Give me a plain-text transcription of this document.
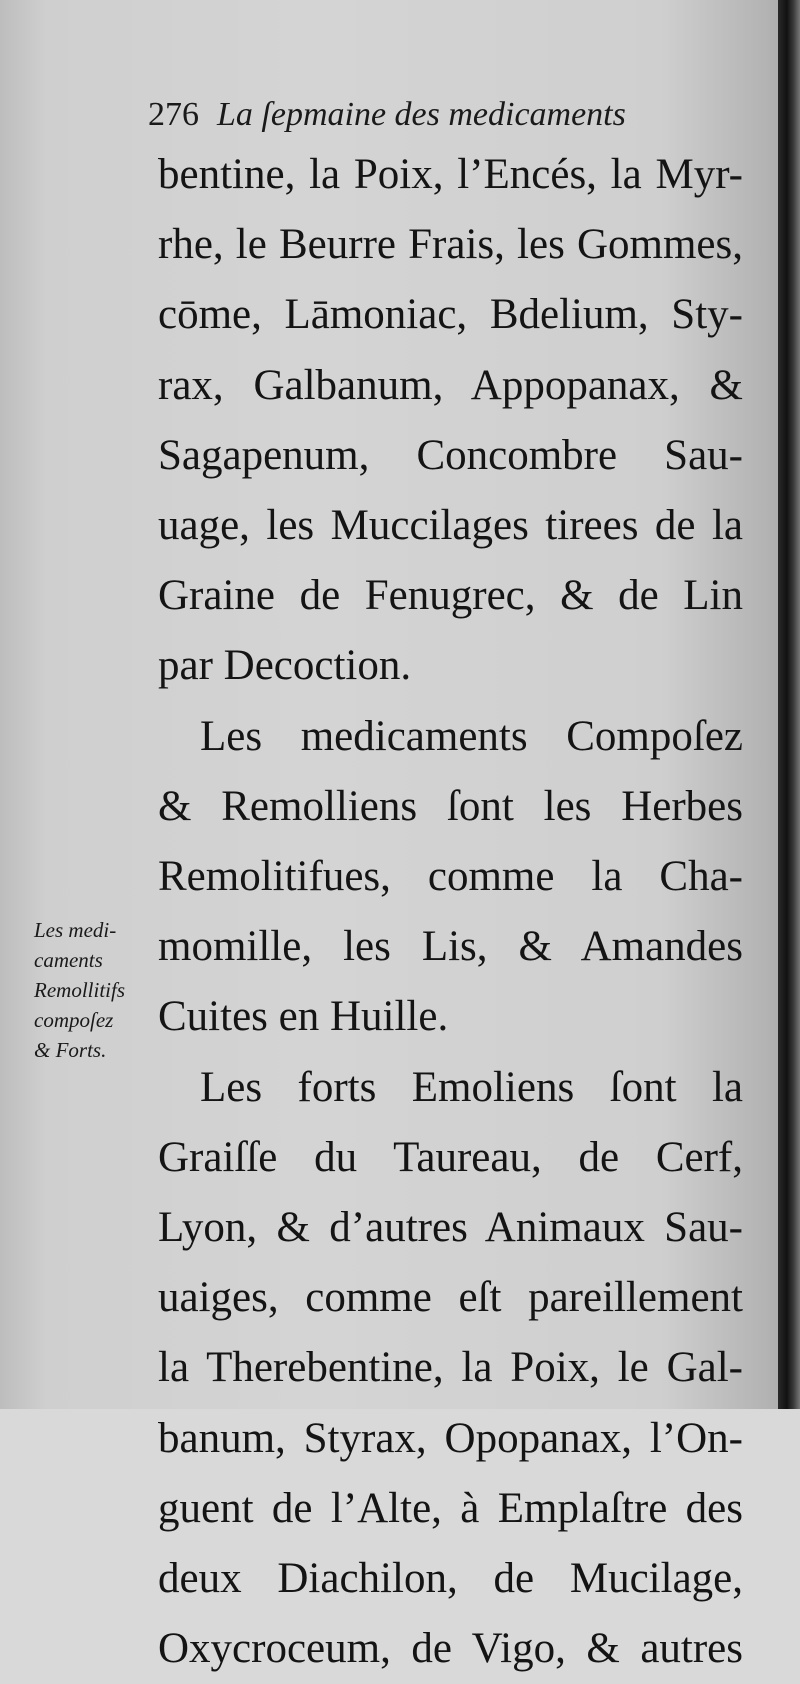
276 La ſepmaine des medicaments
bentine, la Poix, l’Encés, la Myr-
rhe, le Beurre Frais, les Gommes,
cōme, Lāmoniac, Bdelium, Sty-
rax, Galbanum, Appopanax, &
Sagapenum, Concombre Sau-
uage, les Muccilages tirees de la
Graine de Fenugrec, & de Lin
par Decoction.
Les medicaments Compoſez
& Remolliens ſont les Herbes
Remolitifues, comme la Cha-
momille, les Lis, & Amandes
Cuites en Huille.
Les forts Emoliens ſont la
Graiſſe du Taureau, de Cerf,
Lyon, & d’autres Animaux Sau-
uaiges, comme eſt pareillement
la Therebentine, la Poix, le Gal-
banum, Styrax, Opopanax, l’On-
guent de l’Alte, à Emplaſtre des
deux Diachilon, de Mucilage,
Oxycroceum, de Vigo, & autres
Les medi-
caments
Remollitifs
compoſez
& Forts.
